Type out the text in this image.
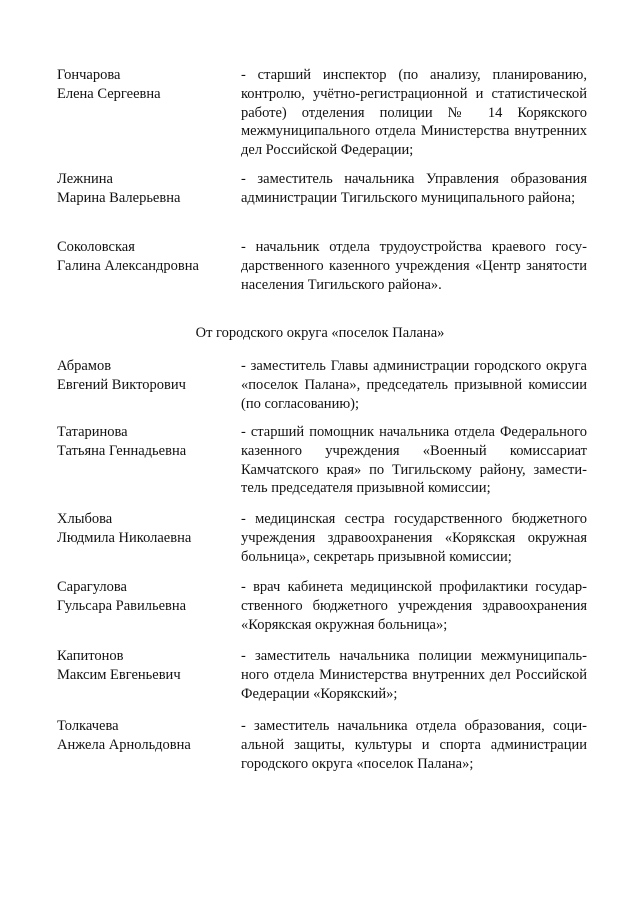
Гончарова
Елена Сергеевна
- старший инспектор (по анализу, планированию, контролю, учётно-регистрационной и статистической работе) отделения полиции № 14 Корякского межмуниципального отдела Министерства внутренних дел Российской Федерации;
Лежнина
Марина Валерьевна
- заместитель начальника Управления образования администрации Тигильского муниципального района;
Соколовская
Галина Александровна
- начальник отдела трудоустройства краевого государственного казенного учреждения «Центр занятости населения Тигильского района».
От городского округа «поселок Палана»
Абрамов
Евгений Викторович
- заместитель Главы администрации городского округа «поселок Палана», председатель призывной комиссии (по согласованию);
Татаринова
Татьяна Геннадьевна
- старший помощник начальника отдела Федерального казенного учреждения «Военный комиссариат Камчатского края» по Тигильскому району, заместитель председателя призывной комиссии;
Хлыбова
Людмила Николаевна
- медицинская сестра государственного бюджетного учреждения здравоохранения «Корякская окружная больница», секретарь призывной комиссии;
Сарагулова
Гульсара Равильевна
- врач кабинета медицинской профилактики государственного бюджетного учреждения здравоохранения «Корякская окружная больница»;
Капитонов
Максим Евгеньевич
- заместитель начальника полиции межмуниципального отдела Министерства внутренних дел Российской Федерации «Корякский»;
Толкачева
Анжела Арнольдовна
- заместитель начальника отдела образования, социальной защиты, культуры и спорта администрации городского округа «поселок Палана»;
